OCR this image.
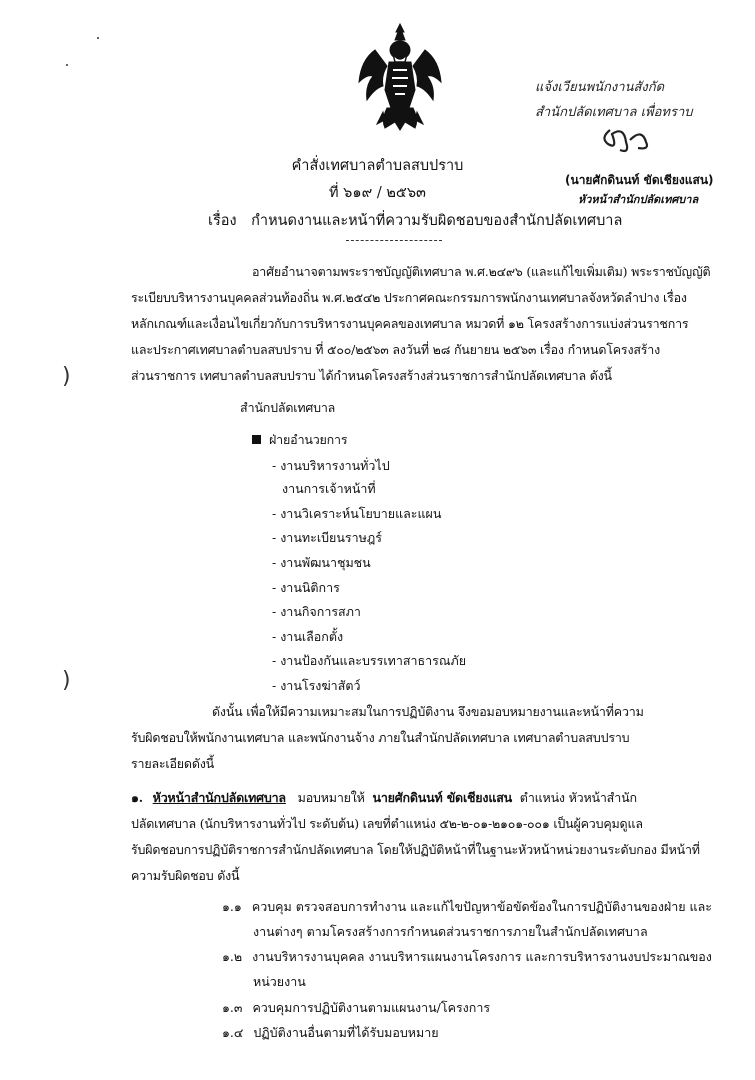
แจ้งเวียนพนักงานสังกัด
สำนักปลัดเทศบาล เพื่อทราบ
(นายศักดินนท์ ขัดเชียงแสน)
หัวหน้าสำนักปลัดเทศบาล
คำสั่งเทศบาลตำบลสบปราบ
ที่ ๖๑๙ / ๒๕๖๓
เรื่อง กำหนดงานและหน้าที่ความรับผิดชอบของสำนักปลัดเทศบาล
อาศัยอำนาจตามพระราชบัญญัติเทศบาล พ.ศ.๒๔๙๖ (และแก้ไขเพิ่มเติม) พระราชบัญญัติ
ระเบียบบริหารงานบุคคลส่วนท้องถิ่น พ.ศ.๒๕๔๒ ประกาศคณะกรรมการพนักงานเทศบาลจังหวัดลำปาง เรื่อง
หลักเกณฑ์และเงื่อนไขเกี่ยวกับการบริหารงานบุคคลของเทศบาล หมวดที่ ๑๒ โครงสร้างการแบ่งส่วนราชการ
และประกาศเทศบาลตำบลสบปราบ ที่ ๕๐๐/๒๕๖๓ ลงวันที่ ๒๘ กันยายน ๒๕๖๓ เรื่อง กำหนดโครงสร้าง
ส่วนราชการ เทศบาลตำบลสบปราบ ได้กำหนดโครงสร้างส่วนราชการสำนักปลัดเทศบาล ดังนี้
)
สำนักปลัดเทศบาล
ฝ่ายอำนวยการ
- งานบริหารงานทั่วไป
งานการเจ้าหน้าที่
- งานวิเคราะห์นโยบายและแผน
- งานทะเบียนราษฎร์
- งานพัฒนาชุมชน
- งานนิติการ
- งานกิจการสภา
- งานเลือกตั้ง
- งานป้องกันและบรรเทาสาธารณภัย
- งานโรงฆ่าสัตว์
)
ดังนั้น เพื่อให้มีความเหมาะสมในการปฏิบัติงาน จึงขอมอบหมายงานและหน้าที่ความ
รับผิดชอบให้พนักงานเทศบาล และพนักงานจ้าง ภายในสำนักปลัดเทศบาล เทศบาลตำบลสบปราบ
รายละเอียดดังนี้
๑. หัวหน้าสำนักปลัดเทศบาล มอบหมายให้ นายศักดินนท์ ขัดเชียงแสน ตำแหน่ง หัวหน้าสำนัก
ปลัดเทศบาล (นักบริหารงานทั่วไป ระดับต้น) เลขที่ตำแหน่ง ๕๒-๒-๐๑-๒๑๐๑-๐๐๑ เป็นผู้ควบคุมดูแล
รับผิดชอบการปฏิบัติราชการสำนักปลัดเทศบาล โดยให้ปฏิบัติหน้าที่ในฐานะหัวหน้าหน่วยงานระดับกอง มีหน้าที่
ความรับผิดชอบ ดังนี้
๑.๑ ควบคุม ตรวจสอบการทำงาน และแก้ไขปัญหาข้อขัดข้องในการปฏิบัติงานของฝ่าย และ
งานต่างๆ ตามโครงสร้างการกำหนดส่วนราชการภายในสำนักปลัดเทศบาล
๑.๒ งานบริหารงานบุคคล งานบริหารแผนงานโครงการ และการบริหารงานงบประมาณของ
หน่วยงาน
๑.๓ ควบคุมการปฏิบัติงานตามแผนงาน/โครงการ
๑.๔ ปฏิบัติงานอื่นตามที่ได้รับมอบหมาย
